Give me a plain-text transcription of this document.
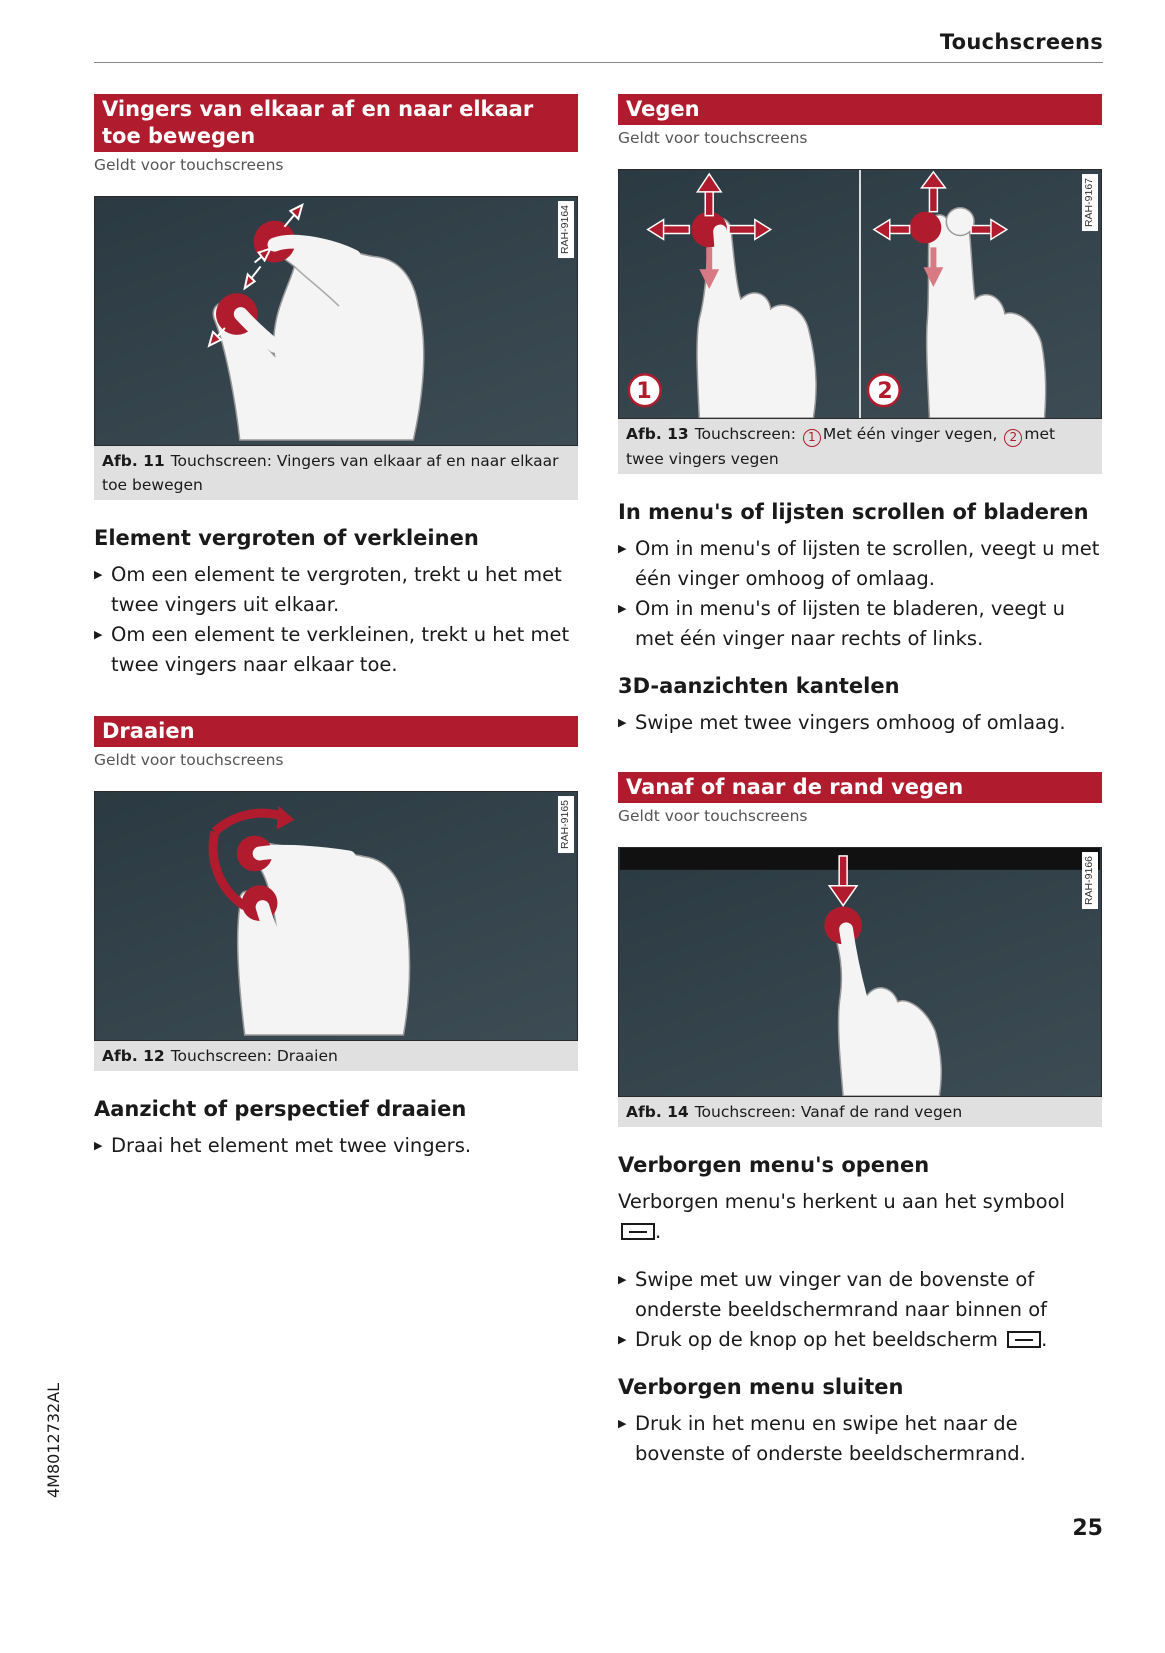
Touchscreens
Vingers van elkaar af en naar elkaar toe bewegen
Geldt voor touchscreens
RAH-9164
Afb. 11 Touchscreen: Vingers van elkaar af en naar elkaar toe bewegen
Element vergroten of verkleinen
▶ Om een element te vergroten, trekt u het met twee vingers uit elkaar.
▶ Om een element te verkleinen, trekt u het met twee vingers naar elkaar toe.
Draaien
Geldt voor touchscreens
RAH-9165
Afb. 12 Touchscreen: Draaien
Aanzicht of perspectief draaien
▶ Draai het element met twee vingers.
Vegen
Geldt voor touchscreens
1	2
RAH-9167
Afb. 13 Touchscreen: 1 Met één vinger vegen, 2 met twee vingers vegen
In menu's of lijsten scrollen of bladeren
▶ Om in menu's of lijsten te scrollen, veegt u met één vinger omhoog of omlaag.
▶ Om in menu's of lijsten te bladeren, veegt u met één vinger naar rechts of links.
3D-aanzichten kantelen
▶ Swipe met twee vingers omhoog of omlaag.
Vanaf of naar de rand vegen
Geldt voor touchscreens
RAH-9166
Afb. 14 Touchscreen: Vanaf de rand vegen
Verborgen menu's openen

Verborgen menu's herkent u aan het symbool .

▶ Swipe met uw vinger van de bovenste of onderste beeldschermrand naar binnen of
▶ Druk op de knop op het beeldscherm .
Verborgen menu sluiten
▶ Druk in het menu en swipe het naar de bovenste of onderste beeldschermrand.
4M8012732AL
25
